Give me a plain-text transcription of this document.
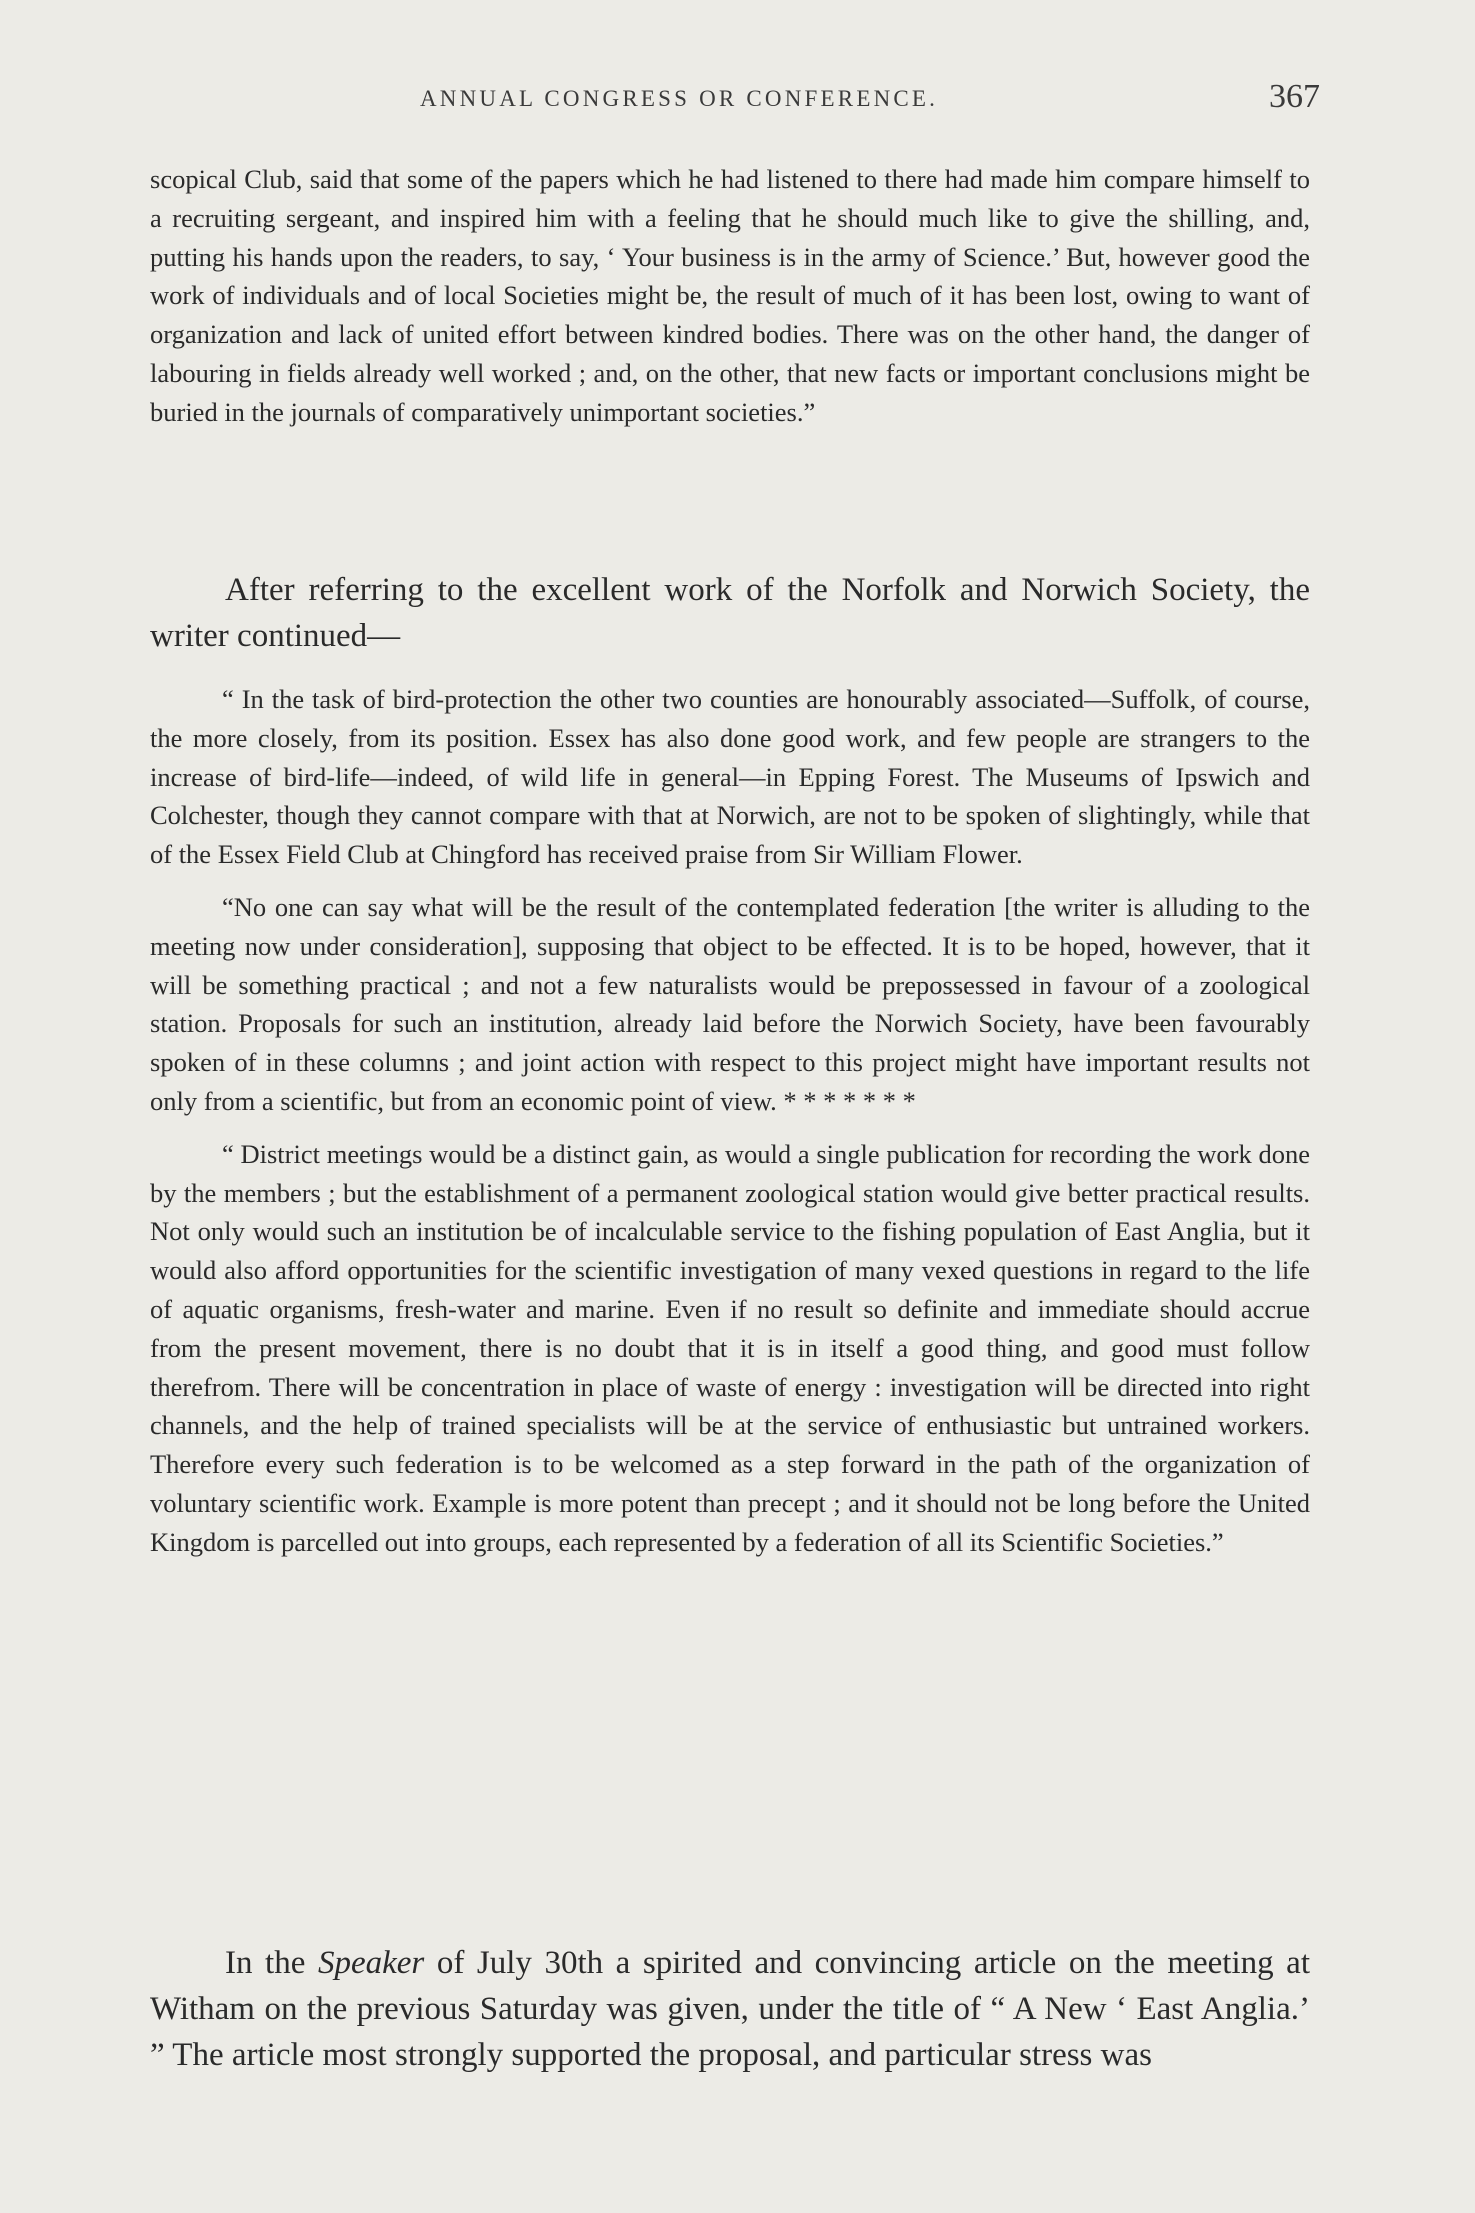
ANNUAL CONGRESS OR CONFERENCE.	367

scopical Club, said that some of the papers which he had listened to there had made him compare himself to a recruiting sergeant, and inspired him with a feeling that he should much like to give the shilling, and, putting his hands upon the readers, to say, ‘ Your business is in the army of Science.’ But, however good the work of individuals and of local Societies might be, the result of much of it has been lost, owing to want of organization and lack of united effort between kindred bodies. There was on the other hand, the danger of labouring in fields already well worked ; and, on the other, that new facts or important conclusions might be buried in the journals of comparatively unimportant societies.”

After referring to the excellent work of the Norfolk and Norwich Society, the writer continued—

“ In the task of bird-protection the other two counties are honourably associated—Suffolk, of course, the more closely, from its position. Essex has also done good work, and few people are strangers to the increase of bird-life—indeed, of wild life in general—in Epping Forest. The Museums of Ipswich and Colchester, though they cannot compare with that at Norwich, are not to be spoken of slightingly, while that of the Essex Field Club at Chingford has received praise from Sir William Flower.

“No one can say what will be the result of the contemplated federation [the writer is alluding to the meeting now under consideration], supposing that object to be effected. It is to be hoped, however, that it will be something practical ; and not a few naturalists would be prepossessed in favour of a zoological station. Proposals for such an institution, already laid before the Norwich Society, have been favourably spoken of in these columns ; and joint action with respect to this project might have important results not only from a scientific, but from an economic point of view. * * * * * * *

“ District meetings would be a distinct gain, as would a single publication for recording the work done by the members ; but the establishment of a permanent zoological station would give better practical results. Not only would such an institution be of incalculable service to the fishing population of East Anglia, but it would also afford opportunities for the scientific investigation of many vexed questions in regard to the life of aquatic organisms, fresh-water and marine. Even if no result so definite and immediate should accrue from the present movement, there is no doubt that it is in itself a good thing, and good must follow therefrom. There will be concentration in place of waste of energy : investigation will be directed into right channels, and the help of trained specialists will be at the service of enthusiastic but untrained workers. Therefore every such federation is to be welcomed as a step forward in the path of the organization of voluntary scientific work. Example is more potent than precept ; and it should not be long before the United Kingdom is parcelled out into groups, each represented by a federation of all its Scientific Societies.”

In the Speaker of July 30th a spirited and convincing article on the meeting at Witham on the previous Saturday was given, under the title of “ A New ‘ East Anglia.’ ” The article most strongly supported the proposal, and particular stress was
